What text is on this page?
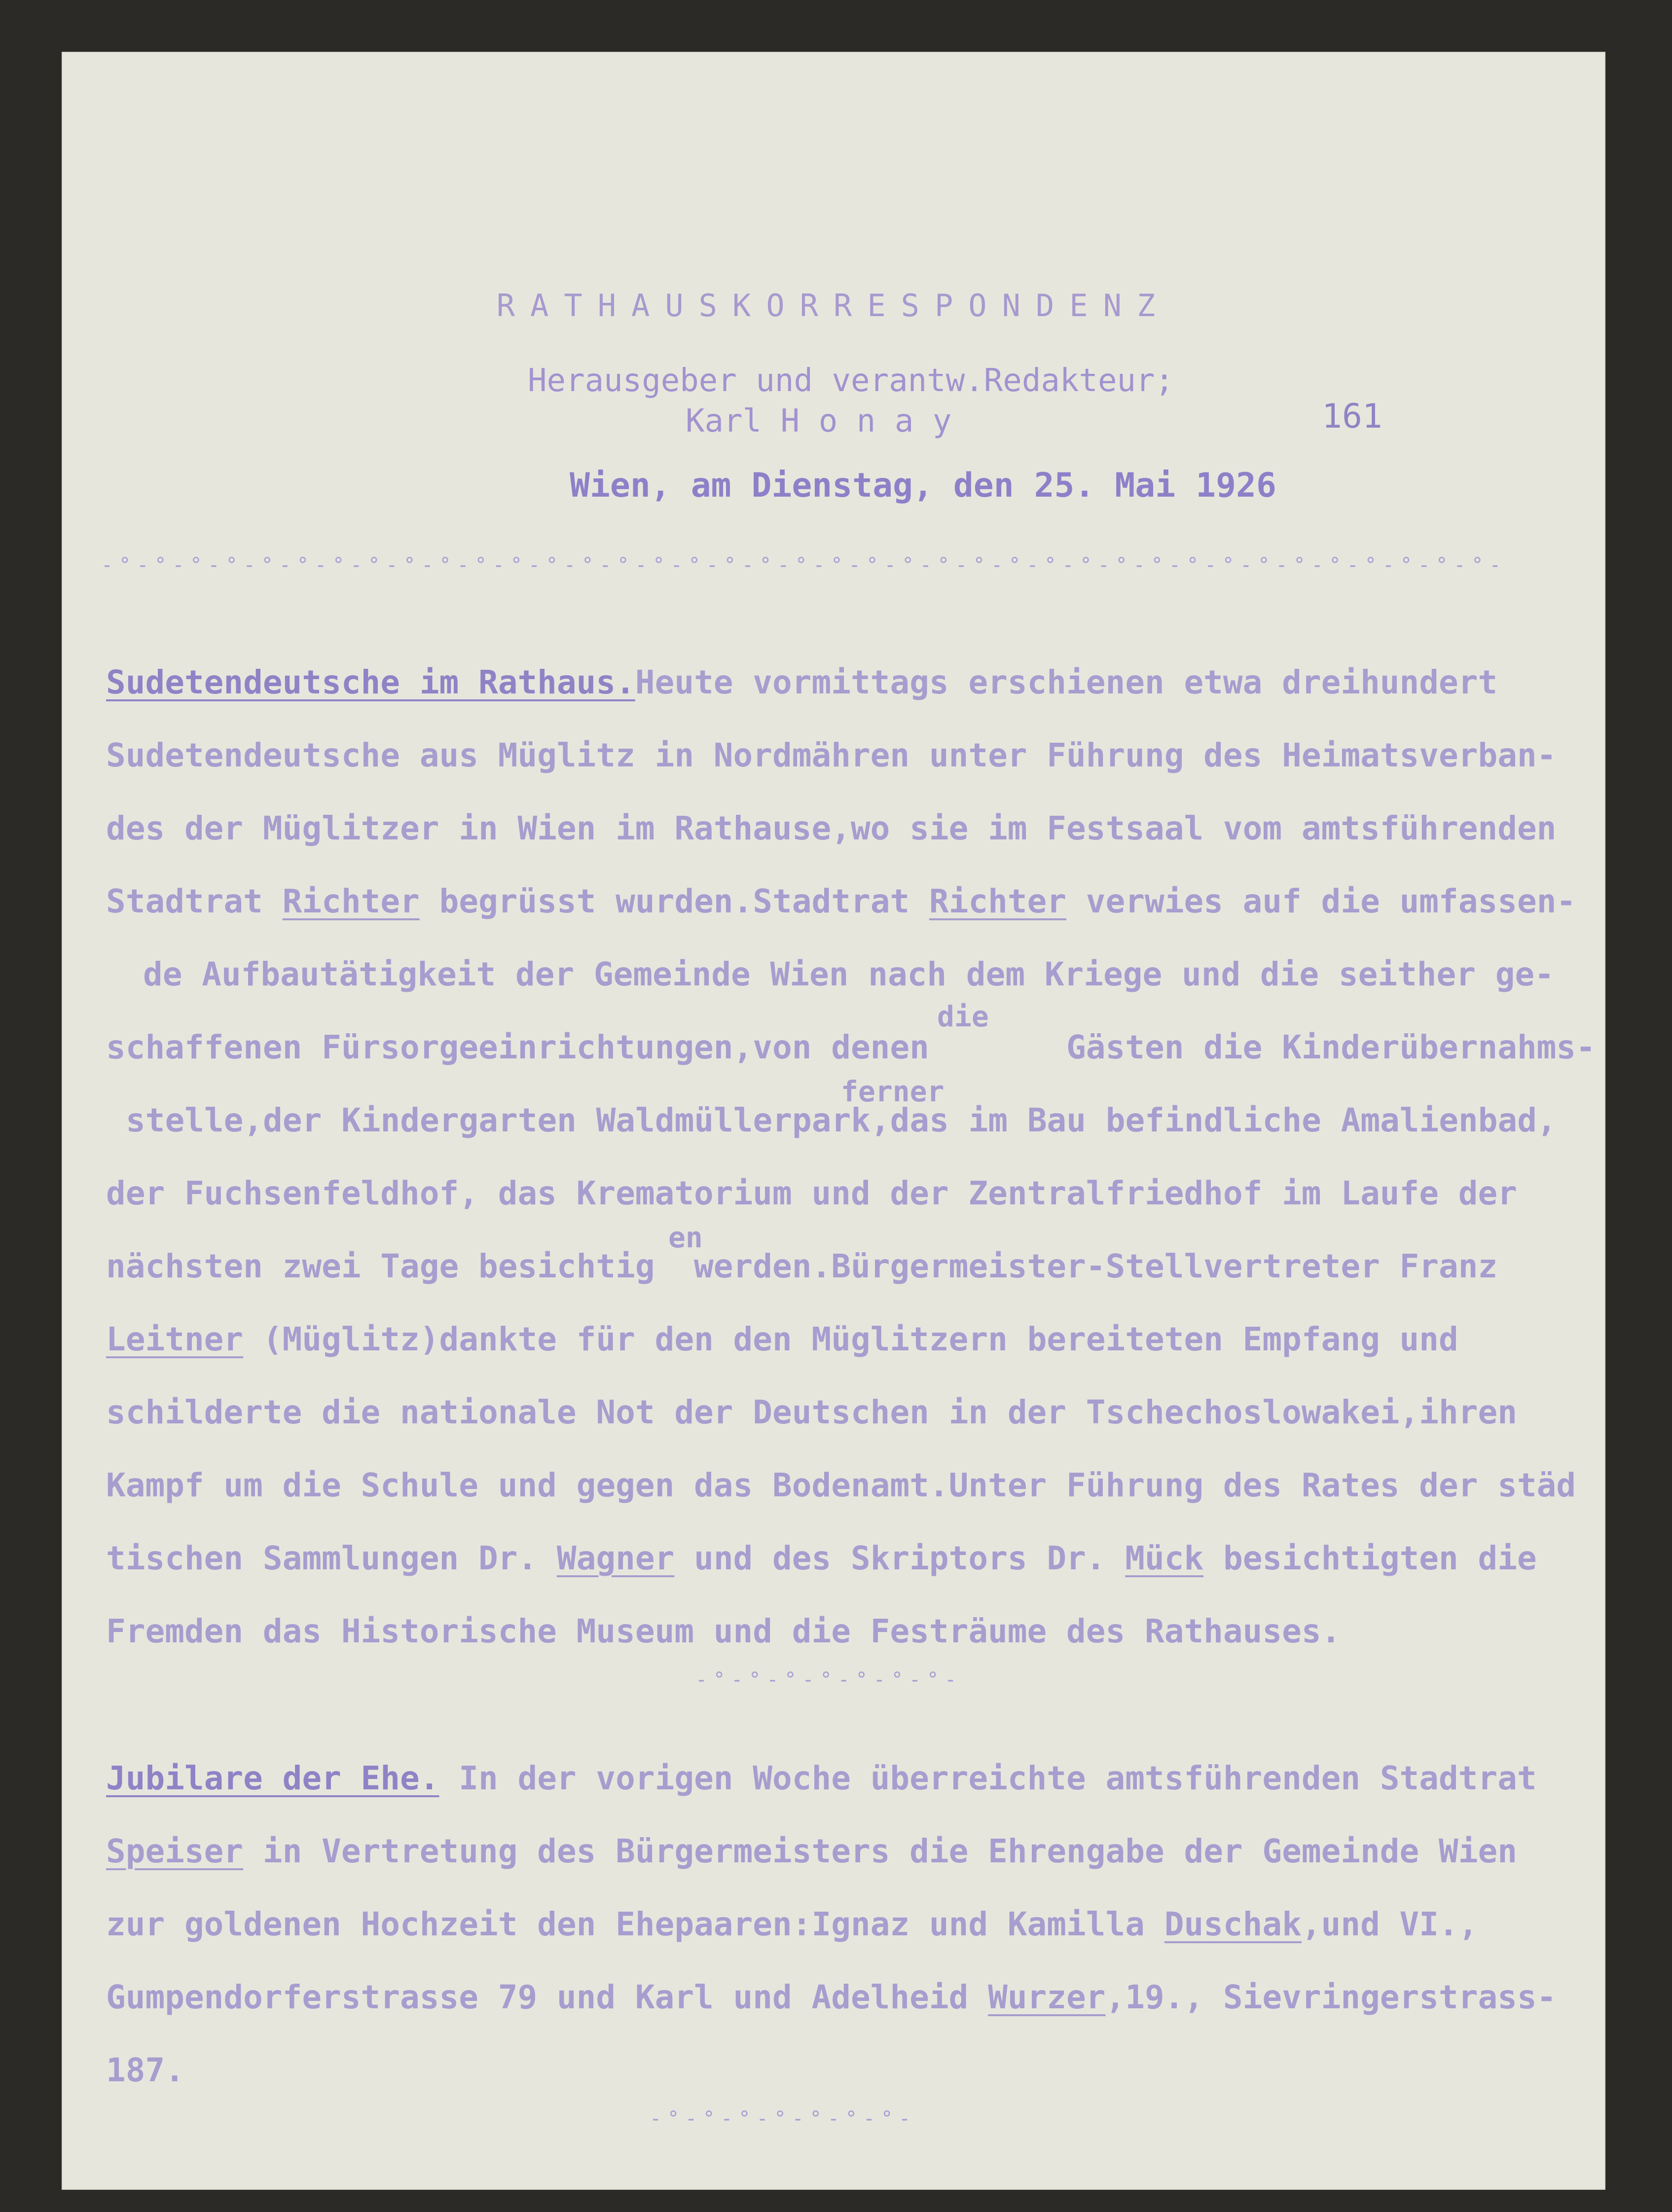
RATHAUSKORRESPONDENZ
Herausgeber und verantw.Redakteur;
Karl H o n a y	161
Wien, am Dienstag, den 25. Mai 1926
-°-°-°-°-°-°-°-°-°-°-°-°-°-°-°-°-°-°-°-°-°-°-°-°-°-°-°-°-°-°-°-°-°-°-°-°-°-°-°-
Sudetendeutsche im Rathaus.Heute vormittags erschienen etwa dreihundert
Sudetendeutsche aus Müglitz in Nordmähren unter Führung des Heimatsverban-
des der Müglitzer in Wien im Rathause,wo sie im Festsaal vom amtsführenden
Stadtrat Richter begrüsst wurden.Stadtrat Richter verwies auf die umfassen-
de Aufbautätigkeit der Gemeinde Wien nach dem Kriege und die seither ge-
die
schaffenen Fürsorgeeinrichtungen,von denen       Gästen die Kinderübernahms-
ferner
stelle,der Kindergarten Waldmüllerpark,das im Bau befindliche Amalienbad,
der Fuchsenfeldhof, das Krematorium und der Zentralfriedhof im Laufe der
en
nächsten zwei Tage besichtig  werden.Bürgermeister-Stellvertreter Franz
Leitner (Müglitz)dankte für den den Müglitzern bereiteten Empfang und
schilderte die nationale Not der Deutschen in der Tschechoslowakei,ihren
Kampf um die Schule und gegen das Bodenamt.Unter Führung des Rates der städ
tischen Sammlungen Dr. Wagner und des Skriptors Dr. Mück besichtigten die
Fremden das Historische Museum und die Festräume des Rathauses.
-°-°-°-°-°-°-°-
Jubilare der Ehe. In der vorigen Woche überreichte amtsführenden Stadtrat
Speiser in Vertretung des Bürgermeisters die Ehrengabe der Gemeinde Wien
zur goldenen Hochzeit den Ehepaaren:Ignaz und Kamilla Duschak,und VI.,
Gumpendorferstrasse 79 und Karl und Adelheid Wurzer,19., Sievringerstrass-
187.
-°-°-°-°-°-°-°-
